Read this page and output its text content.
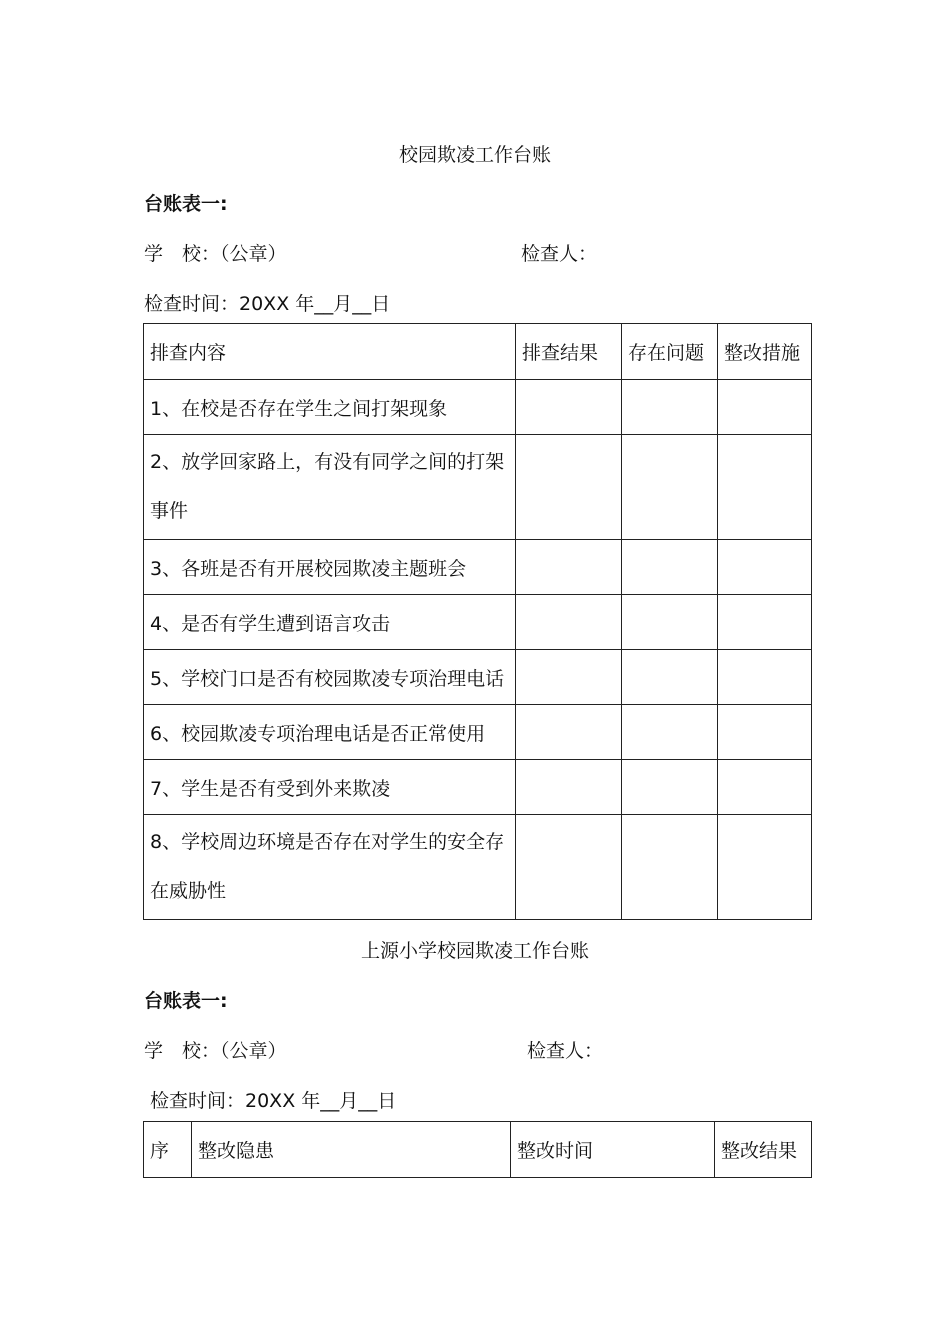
校园欺凌工作台账
台账表一:
学　校：（公章）	检查人：
检查时间：20XX 年__月__日
排查内容	排查结果	存在问题	整改措施
1、在校是否存在学生之间打架现象			
2、放学回家路上，有没有同学之间的打架事件			
3、各班是否有开展校园欺凌主题班会			
4、是否有学生遭到语言攻击			
5、学校门口是否有校园欺凌专项治理电话			
6、校园欺凌专项治理电话是否正常使用			
7、学生是否有受到外来欺凌			
8、学校周边环境是否存在对学生的安全存在威胁性			
上源小学校园欺凌工作台账
台账表一:
学　校：（公章）	检查人：
检查时间：20XX 年__月__日
序	整改隐患	整改时间	整改结果
